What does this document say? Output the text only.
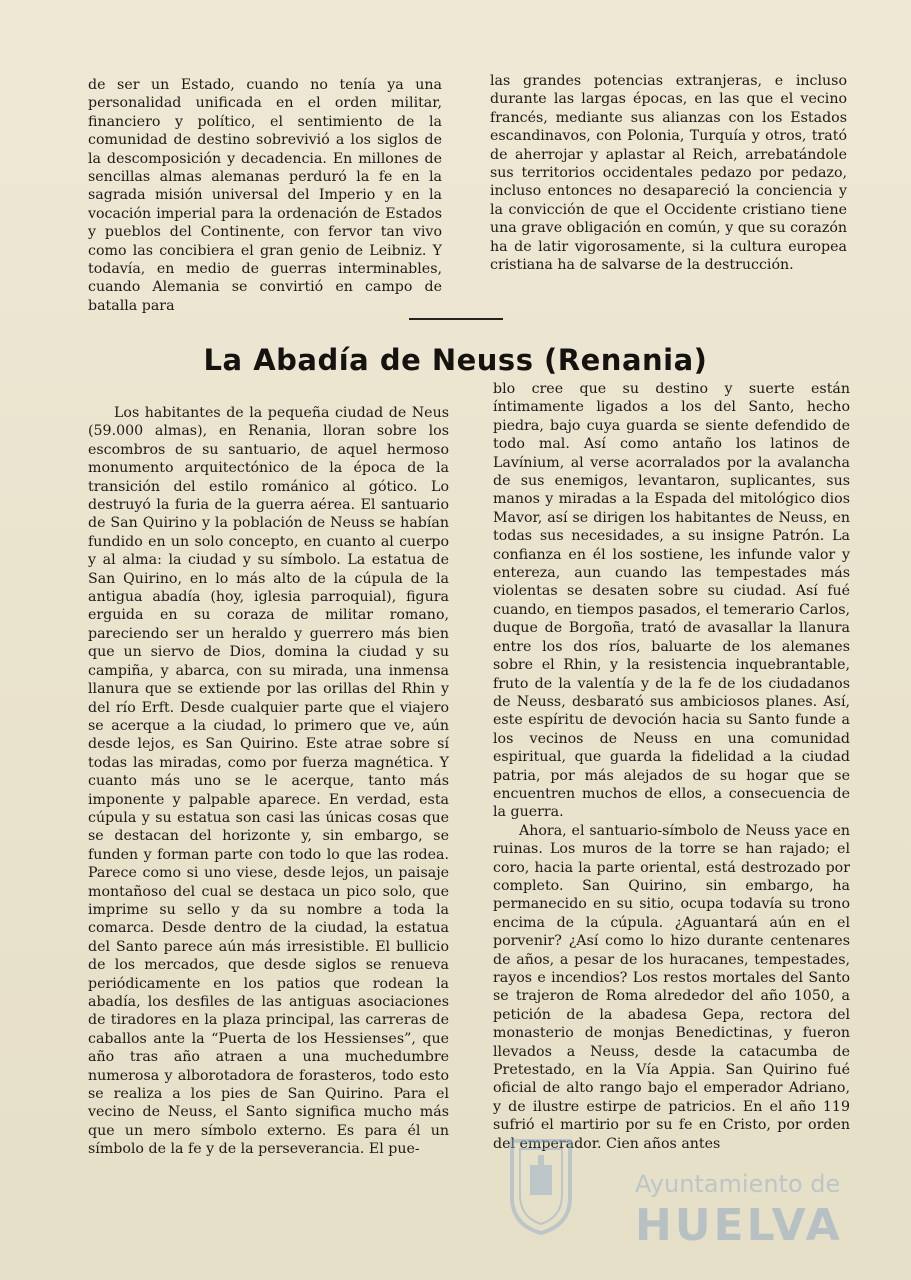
de ser un Estado, cuando no tenía ya una personalidad unificada en el orden militar, financiero y político, el sentimiento de la comunidad de destino sobrevivió a los siglos de la descomposición y decadencia. En millones de sencillas almas alemanas perduró la fe en la sagrada misión universal del Imperio y en la vocación imperial para la ordenación de Estados y pueblos del Continente, con fervor tan vivo como las concibiera el gran genio de Leibniz. Y todavía, en medio de guerras interminables, cuando Alemania se convirtió en campo de batalla para

las grandes potencias extranjeras, e incluso durante las largas épocas, en las que el vecino francés, mediante sus alianzas con los Estados escandinavos, con Polonia, Turquía y otros, trató de aherrojar y aplastar al Reich, arrebatándole sus territorios occidentales pedazo por pedazo, incluso entonces no desapareció la conciencia y la convicción de que el Occidente cristiano tiene una grave obligación en común, y que su corazón ha de latir vigorosamente, si la cultura europea cristiana ha de salvarse de la destrucción.

La Abadía de Neuss (Renania)

Los habitantes de la pequeña ciudad de Neus (59.000 almas), en Renania, lloran sobre los escombros de su santuario, de aquel hermoso monumento arquitectónico de la época de la transición del estilo románico al gótico. Lo destruyó la furia de la guerra aérea. El santuario de San Quirino y la población de Neuss se habían fundido en un solo concepto, en cuanto al cuerpo y al alma: la ciudad y su símbolo. La estatua de San Quirino, en lo más alto de la cúpula de la antigua abadía (hoy, iglesia parroquial), figura erguida en su coraza de militar romano, pareciendo ser un heraldo y guerrero más bien que un siervo de Dios, domina la ciudad y su campiña, y abarca, con su mirada, una inmensa llanura que se extiende por las orillas del Rhin y del río Erft. Desde cualquier parte que el viajero se acerque a la ciudad, lo primero que ve, aún desde lejos, es San Quirino. Este atrae sobre sí todas las miradas, como por fuerza magnética. Y cuanto más uno se le acerque, tanto más imponente y palpable aparece. En verdad, esta cúpula y su estatua son casi las únicas cosas que se destacan del horizonte y, sin embargo, se funden y forman parte con todo lo que las rodea. Parece como si uno viese, desde lejos, un paisaje montañoso del cual se destaca un pico solo, que imprime su sello y da su nombre a toda la comarca. Desde dentro de la ciudad, la estatua del Santo parece aún más irresistible. El bullicio de los mercados, que desde siglos se renueva periódicamente en los patios que rodean la abadía, los desfiles de las antiguas asociaciones de tiradores en la plaza principal, las carreras de caballos ante la “Puerta de los Hessienses”, que año tras año atraen a una muchedumbre numerosa y alborotadora de forasteros, todo esto se realiza a los pies de San Quirino. Para el vecino de Neuss, el Santo significa mucho más que un mero símbolo externo. Es para él un símbolo de la fe y de la perseverancia. El pue-

blo cree que su destino y suerte están íntimamente ligados a los del Santo, hecho piedra, bajo cuya guarda se siente defendido de todo mal. Así como antaño los latinos de Lavínium, al verse acorralados por la avalancha de sus enemigos, levantaron, suplicantes, sus manos y miradas a la Espada del mitológico dios Mavor, así se dirigen los habitantes de Neuss, en todas sus necesidades, a su insigne Patrón. La confianza en él los sostiene, les infunde valor y entereza, aun cuando las tempestades más violentas se desaten sobre su ciudad. Así fué cuando, en tiempos pasados, el temerario Carlos, duque de Borgoña, trató de avasallar la llanura entre los dos ríos, baluarte de los alemanes sobre el Rhin, y la resistencia inquebrantable, fruto de la valentía y de la fe de los ciudadanos de Neuss, desbarató sus ambiciosos planes. Así, este espíritu de devoción hacia su Santo funde a los vecinos de Neuss en una comunidad espiritual, que guarda la fidelidad a la ciudad patria, por más alejados de su hogar que se encuentren muchos de ellos, a consecuencia de la guerra.

Ahora, el santuario-símbolo de Neuss yace en ruinas. Los muros de la torre se han rajado; el coro, hacia la parte oriental, está destrozado por completo. San Quirino, sin embargo, ha permanecido en su sitio, ocupa todavía su trono encima de la cúpula. ¿Aguantará aún en el porvenir? ¿Así como lo hizo durante centenares de años, a pesar de los huracanes, tempestades, rayos e incendios? Los restos mortales del Santo se trajeron de Roma alrededor del año 1050, a petición de la abadesa Gepa, rectora del monasterio de monjas Benedictinas, y fueron llevados a Neuss, desde la catacumba de Pretestado, en la Vía Appia. San Quirino fué oficial de alto rango bajo el emperador Adriano, y de ilustre estirpe de patricios. En el año 119 sufrió el martirio por su fe en Cristo, por orden del emperador. Cien años antes

Ayuntamiento de
HUELVA
